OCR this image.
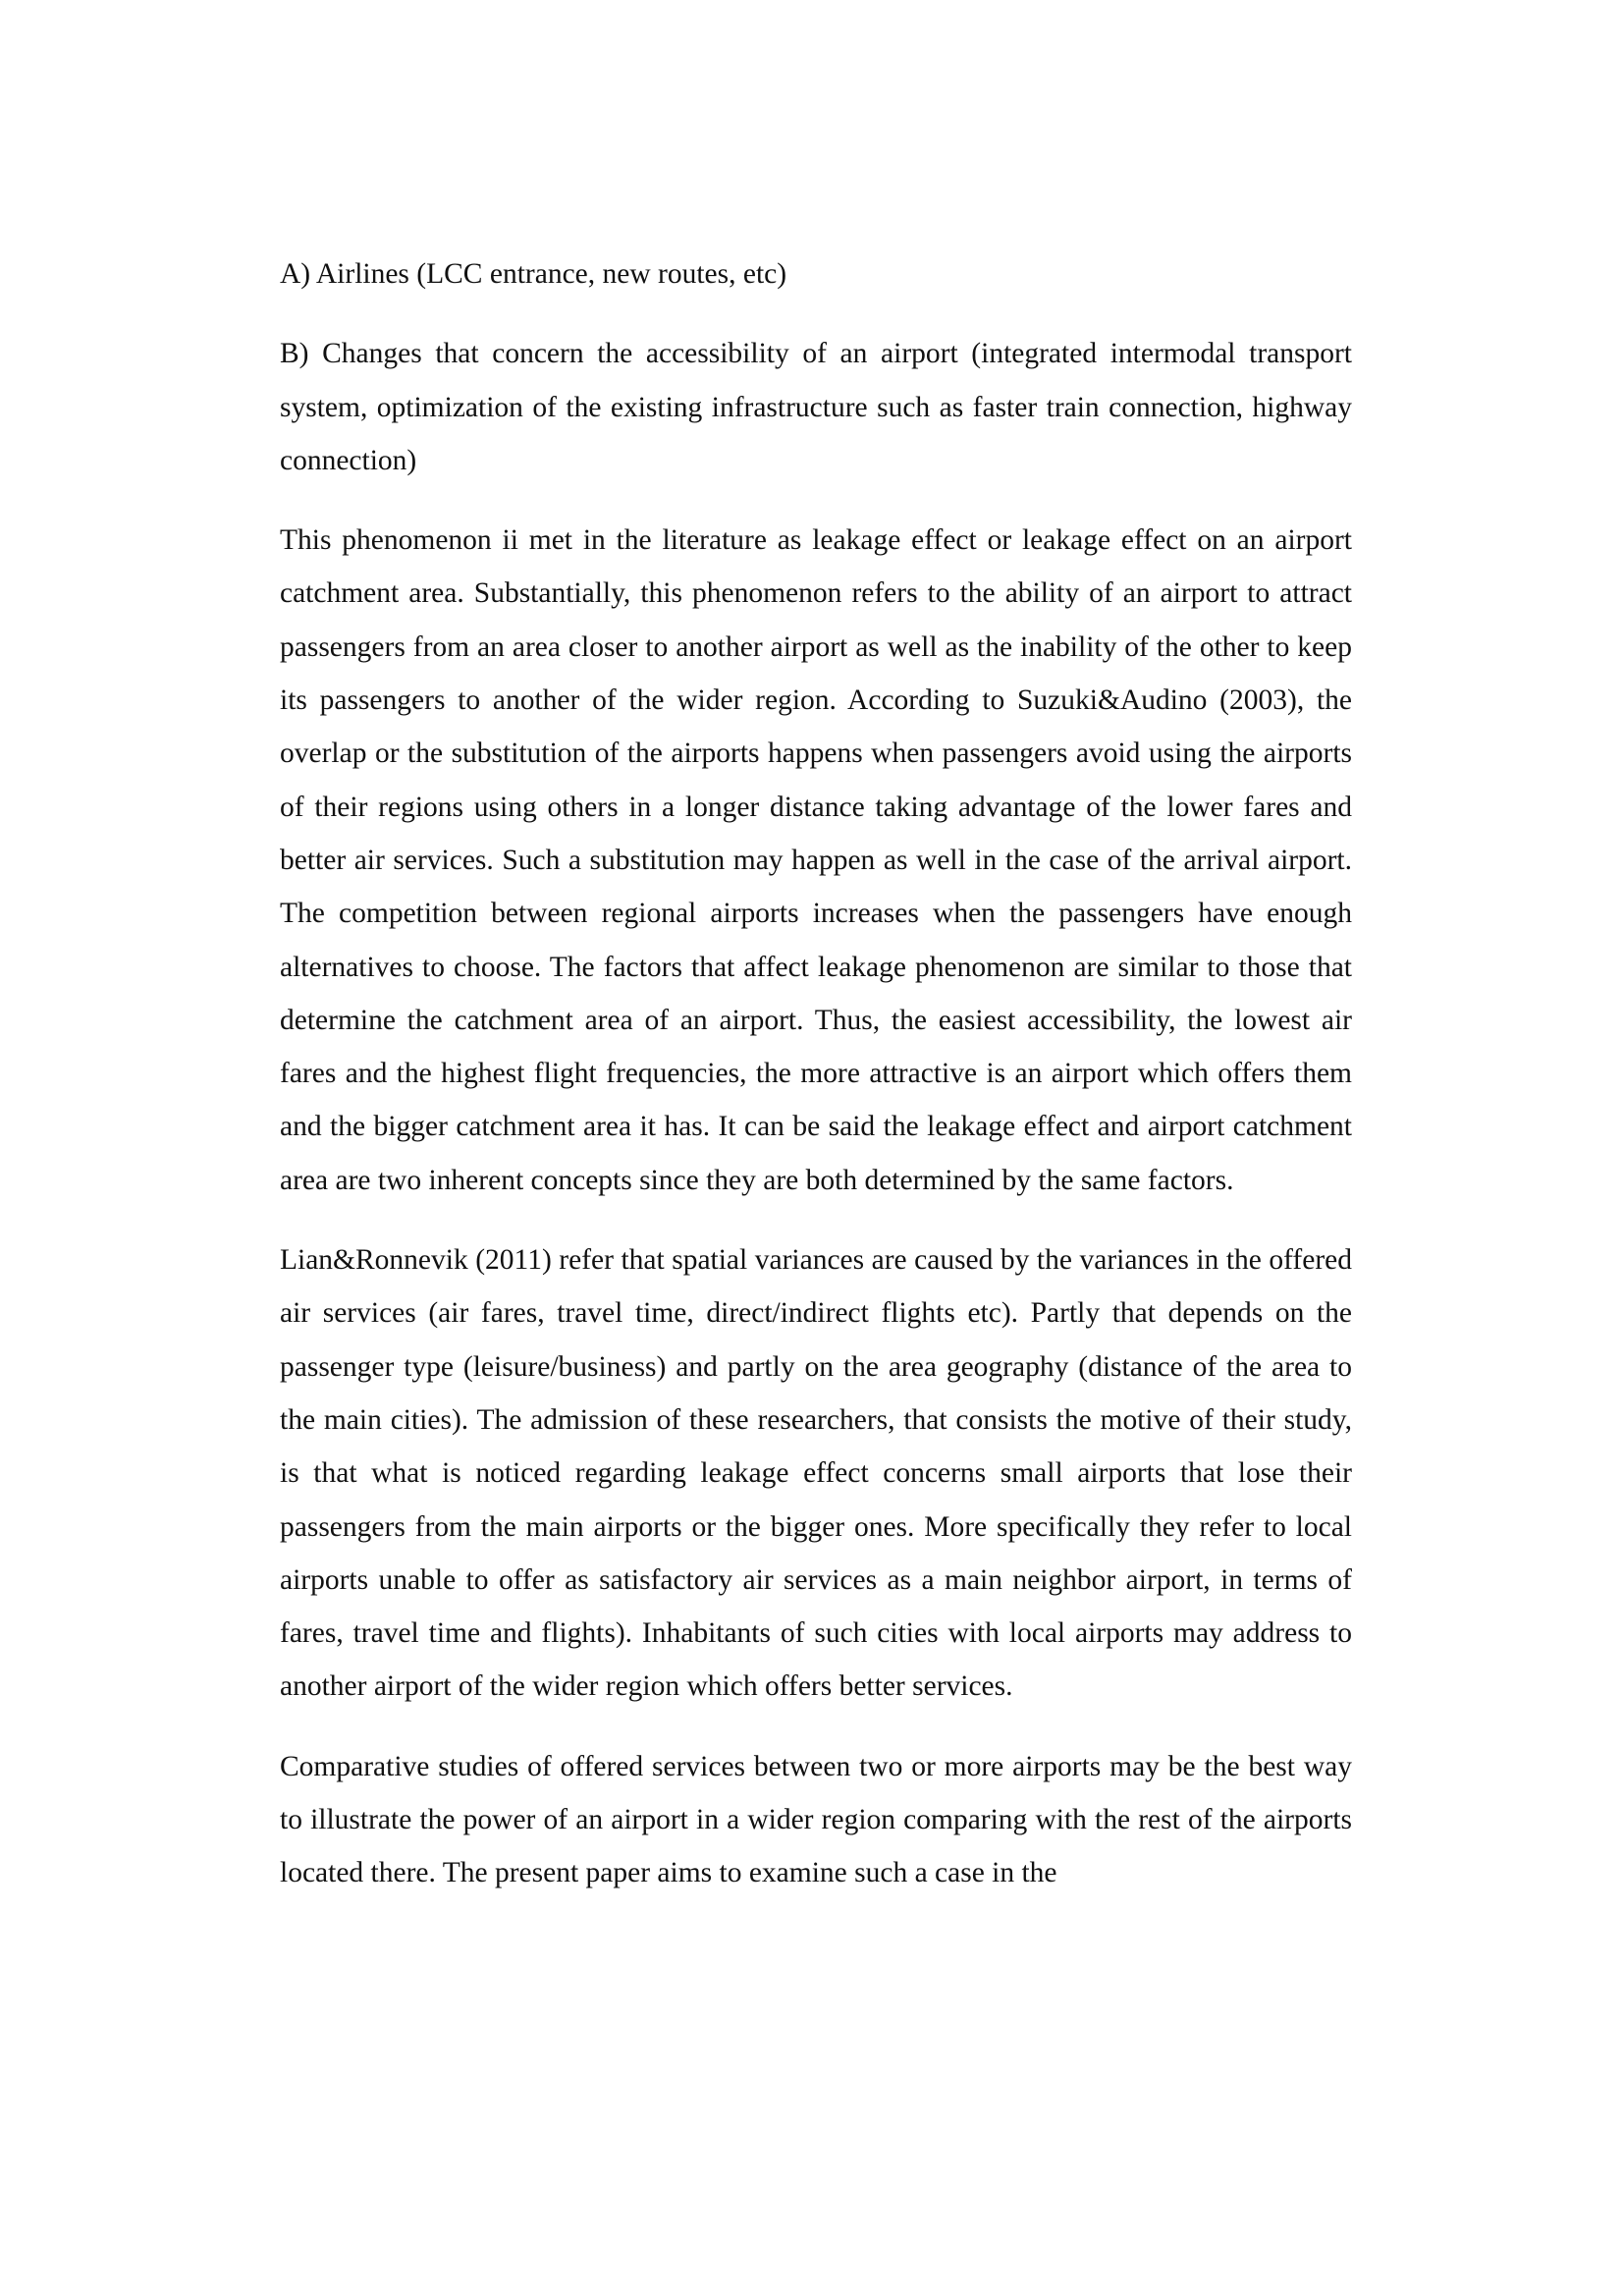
A) Airlines (LCC entrance, new routes, etc)

B) Changes that concern the accessibility of an airport (integrated intermodal transport system, optimization of the existing infrastructure such as faster train connection, highway connection)

This phenomenon ii met in the literature as leakage effect or leakage effect on an airport catchment area. Substantially, this phenomenon refers to the ability of an airport to attract passengers from an area closer to another airport as well as the inability of the other to keep its passengers to another of the wider region. According to Suzuki&Audino (2003), the overlap or the substitution of the airports happens when passengers avoid using the airports of their regions using others in a longer distance taking advantage of the lower fares and better air services. Such a substitution may happen as well in the case of the arrival airport. The competition between regional airports increases when the passengers have enough alternatives to choose. The factors that affect leakage phenomenon are similar to those that determine the catchment area of an airport. Thus, the easiest accessibility, the lowest air fares and the highest flight frequencies, the more attractive is an airport which offers them and the bigger catchment area it has. It can be said the leakage effect and airport catchment area are two inherent concepts since they are both determined by the same factors.

Lian&Ronnevik (2011) refer that spatial variances are caused by the variances in the offered air services (air fares, travel time, direct/indirect flights etc). Partly that depends on the passenger type (leisure/business) and partly on the area geography (distance of the area to the main cities). The admission of these researchers, that consists the motive of their study, is that what is noticed regarding leakage effect concerns small airports that lose their passengers from the main airports or the bigger ones. More specifically they refer to local airports unable to offer as satisfactory air services as a main neighbor airport, in terms of fares, travel time and flights). Inhabitants of such cities with local airports may address to another airport of the wider region which offers better services.

Comparative studies of offered services between two or more airports may be the best way to illustrate the power of an airport in a wider region comparing with the rest of the airports located there. The present paper aims to examine such a case in the
